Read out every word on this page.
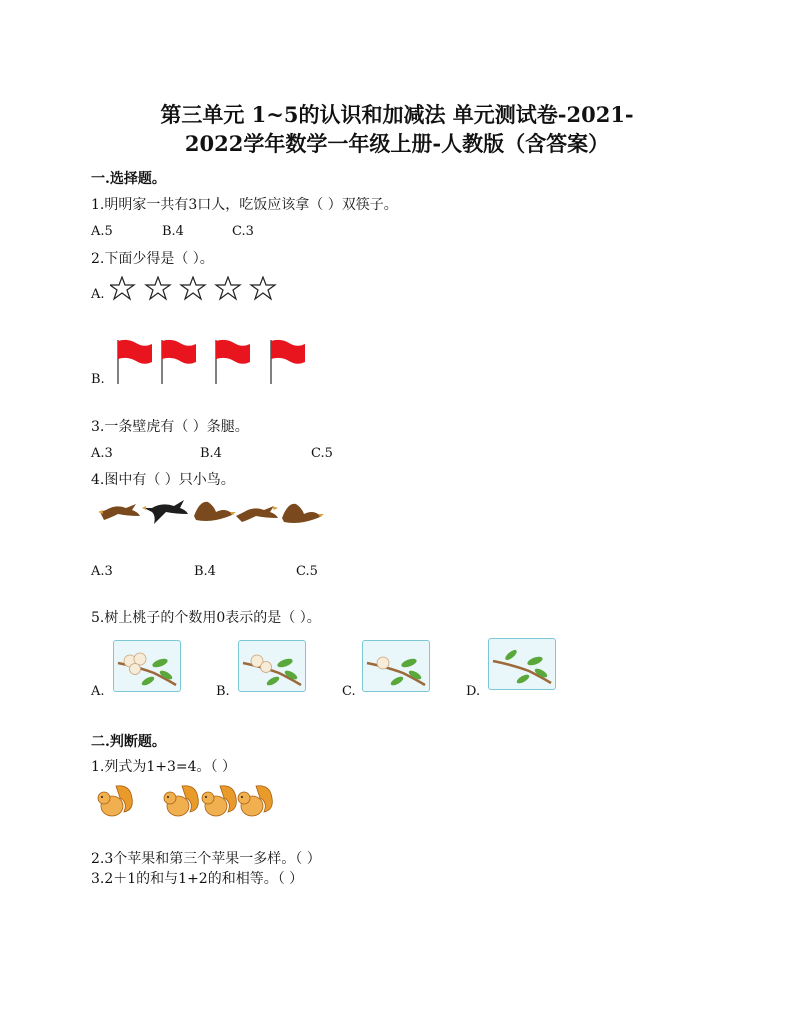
第三单元 1~5的认识和加减法 单元测试卷-2021-
2022学年数学一年级上册-人教版（含答案）
一.选择题。
1.明明家一共有3口人，吃饭应该拿（ ）双筷子。
A.5	B.4	C.3
2.下面少得是（ ）。
A.
B.
3.一条壁虎有（ ）条腿。
A.3	B.4	C.5
4.图中有（ ）只小鸟。
A.3	B.4	C.5
5.树上桃子的个数用0表示的是（ ）。
A.	B.	C.	D.
二.判断题。
1.列式为1+3=4。（ ）
2.3个苹果和第三个苹果一多样。（ ）
3.2＋1的和与1+2的和相等。（ ）
